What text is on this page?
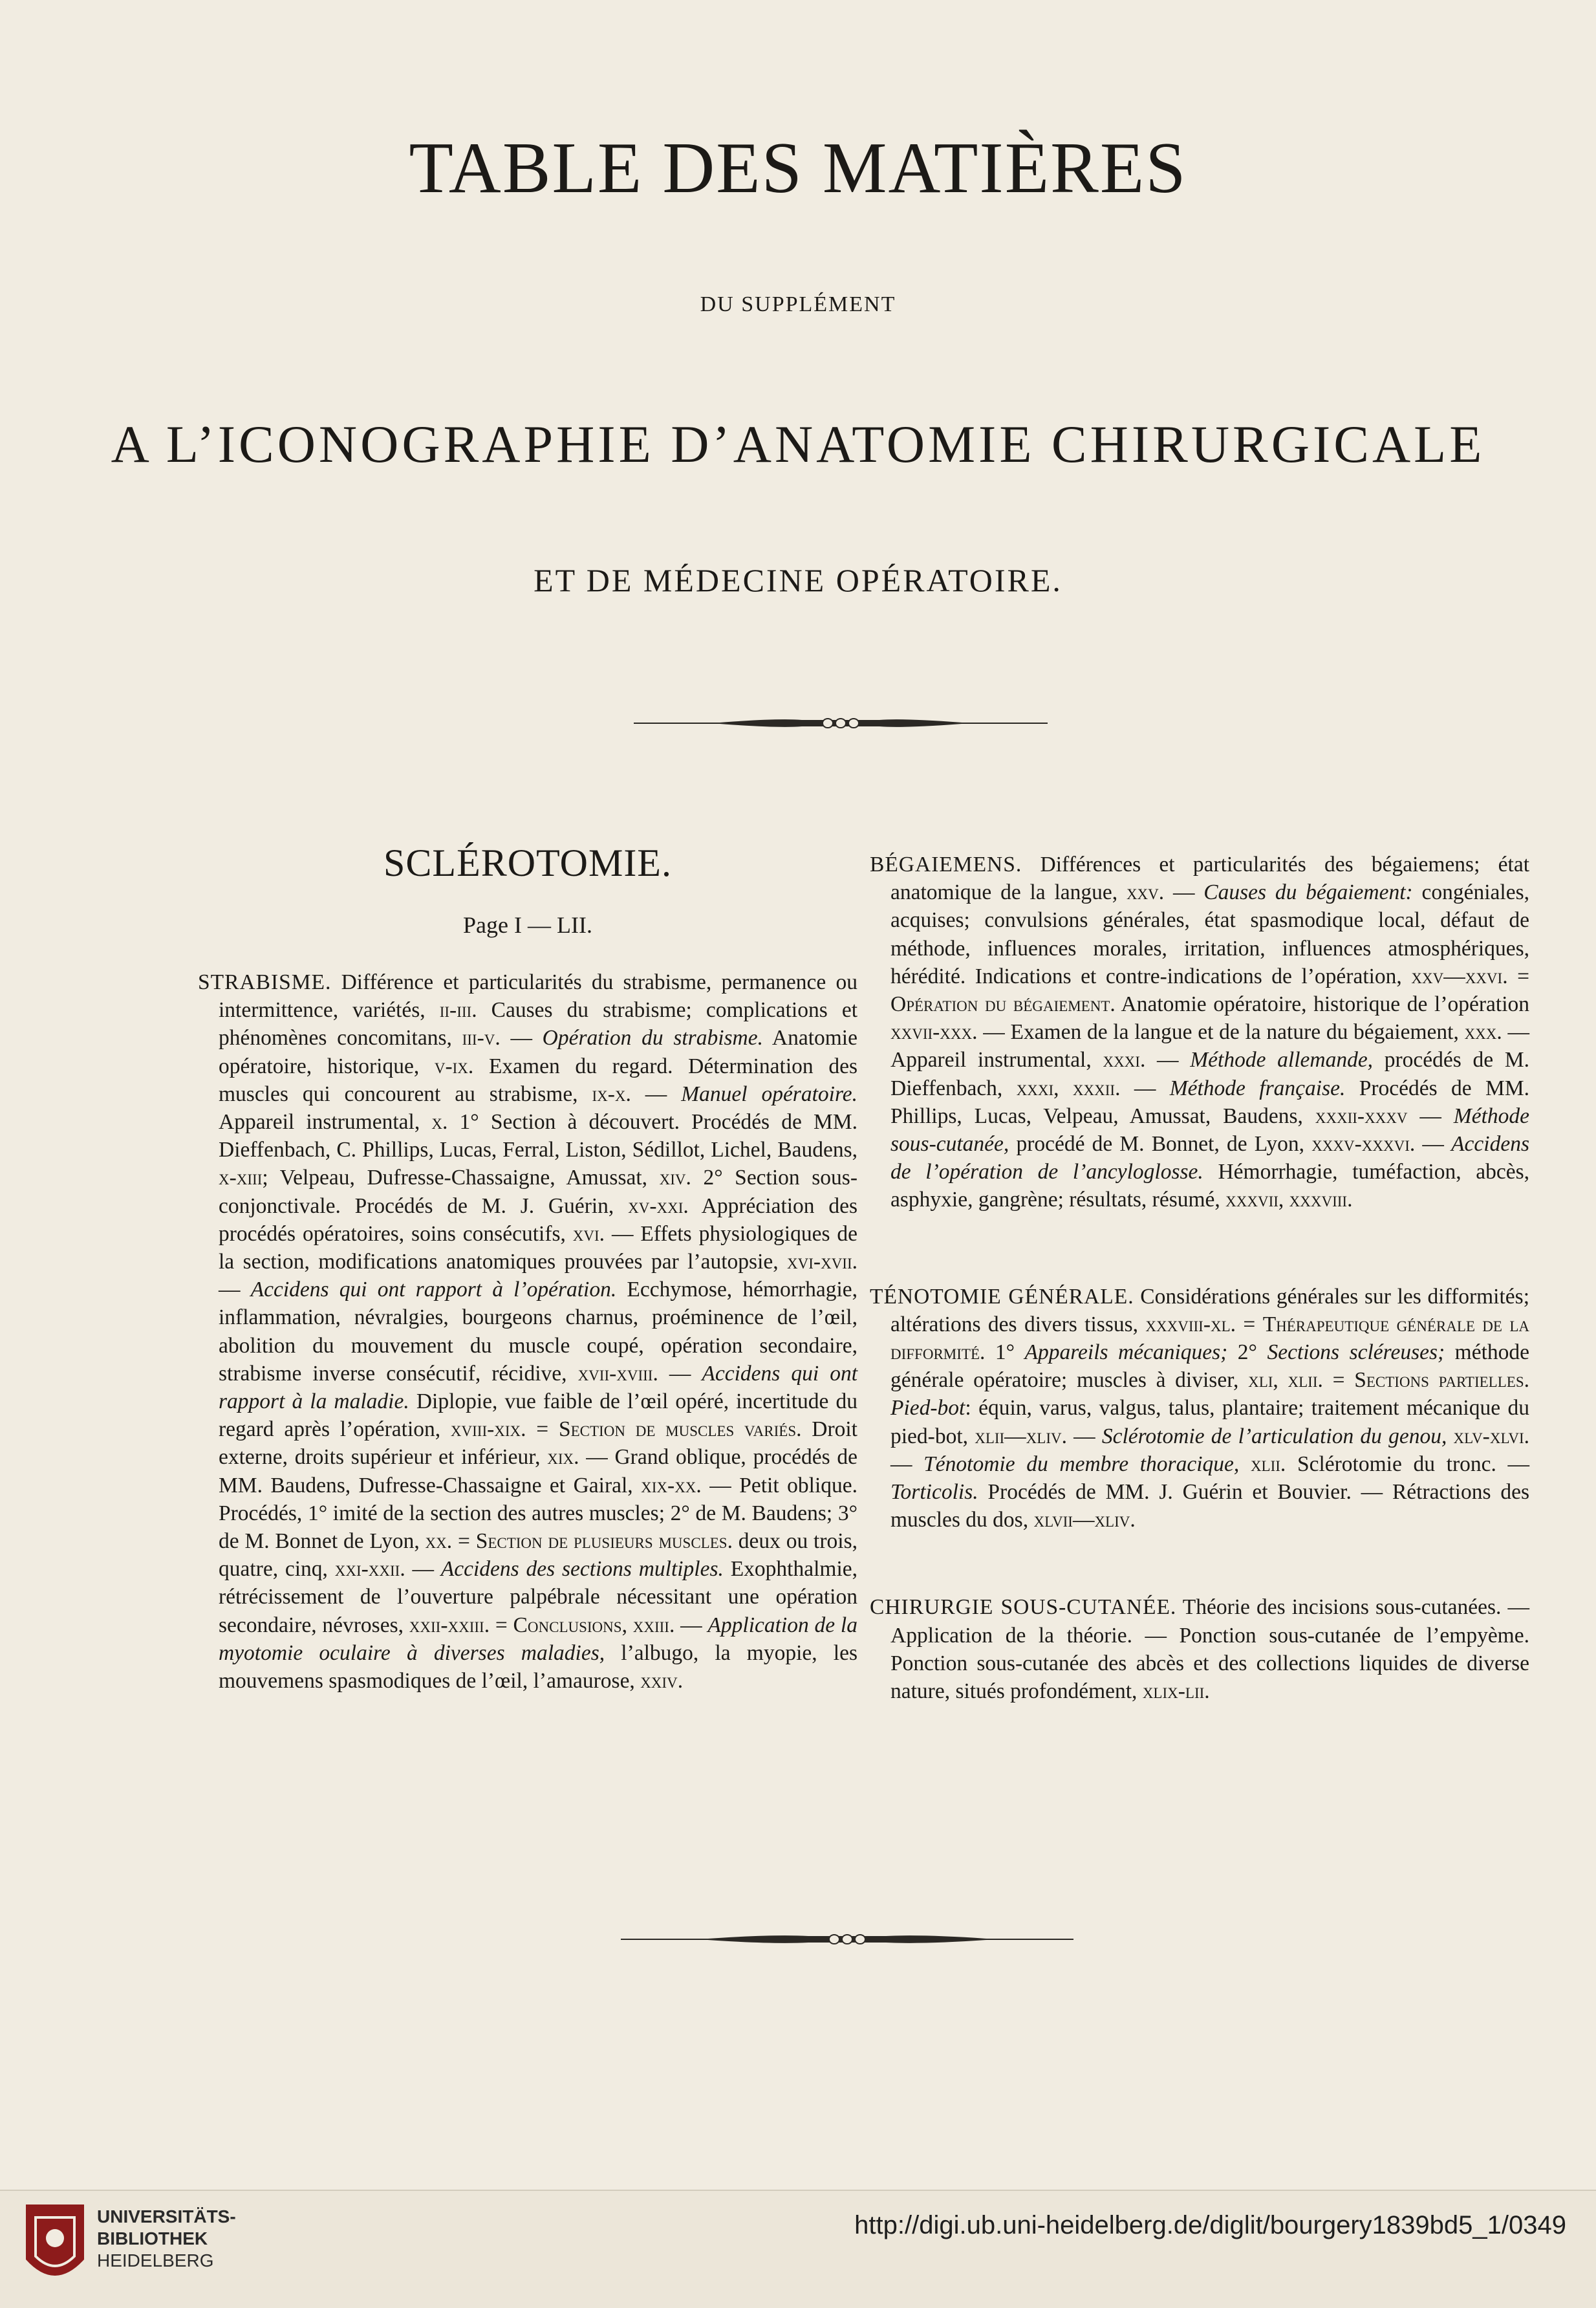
TABLE DES MATIÈRES
DU SUPPLÉMENT
A L’ICONOGRAPHIE D’ANATOMIE CHIRURGICALE
ET DE MÉDECINE OPÉRATOIRE.
SCLÉROTOMIE.
Page I — LII.

STRABISME. Différence et particularités du strabisme, permanence ou intermittence, variétés, ii-iii. Causes du strabisme; complications et phénomènes concomitans, iii-v. — Opération du strabisme. Anatomie opératoire, historique, v-ix. Examen du regard. Détermination des muscles qui concourent au strabisme, ix-x. — Manuel opératoire. Appareil instrumental, x. 1° Section à découvert. Procédés de MM. Dieffenbach, C. Phillips, Lucas, Ferral, Liston, Sédillot, Lichel, Baudens, x-xiii; Velpeau, Dufresse-Chassaigne, Amussat, xiv. 2° Section sous-conjonctivale. Procédés de M. J. Guérin, xv-xxi. Appréciation des procédés opératoires, soins consécutifs, xvi. — Effets physiologiques de la section, modifications anatomiques prouvées par l’autopsie, xvi-xvii. — Accidens qui ont rapport à l’opération. Ecchymose, hémorrhagie, inflammation, névralgies, bourgeons charnus, proéminence de l’œil, abolition du mouvement du muscle coupé, opération secondaire, strabisme inverse consécutif, récidive, xvii-xviii. — Accidens qui ont rapport à la maladie. Diplopie, vue faible de l’œil opéré, incertitude du regard après l’opération, xviii-xix. = Section de muscles variés. Droit externe, droits supérieur et inférieur, xix. — Grand oblique, procédés de MM. Baudens, Dufresse-Chassaigne et Gairal, xix-xx. — Petit oblique. Procédés, 1° imité de la section des autres muscles; 2° de M. Baudens; 3° de M. Bonnet de Lyon, xx. = Section de plusieurs muscles. deux ou trois, quatre, cinq, xxi-xxii. — Accidens des sections multiples. Exophthalmie, rétrécissement de l’ouverture palpébrale nécessitant une opération secondaire, névroses, xxii-xxiii. = Conclusions, xxiii. — Application de la myotomie oculaire à diverses maladies, l’albugo, la myopie, les mouvemens spasmodiques de l’œil, l’amaurose, xxiv.

BÉGAIEMENS. Différences et particularités des bégaiemens; état anatomique de la langue, xxv. — Causes du bégaiement: congéniales, acquises; convulsions générales, état spasmodique local, défaut de méthode, influences morales, irritation, influences atmosphériques, hérédité. Indications et contre-indications de l’opération, xxv—xxvi. = Opération du bégaiement. Anatomie opératoire, historique de l’opération xxvii-xxx. — Examen de la langue et de la nature du bégaiement, xxx. — Appareil instrumental, xxxi. — Méthode allemande, procédés de M. Dieffenbach, xxxi, xxxii. — Méthode française. Procédés de MM. Phillips, Lucas, Velpeau, Amussat, Baudens, xxxii-xxxv — Méthode sous-cutanée, procédé de M. Bonnet, de Lyon, xxxv-xxxvi. — Accidens de l’opération de l’ancyloglosse. Hémorrhagie, tuméfaction, abcès, asphyxie, gangrène; résultats, résumé, xxxvii, xxxviii.

TÉNOTOMIE GÉNÉRALE. Considérations générales sur les difformités; altérations des divers tissus, xxxviii-xl. = Thérapeutique générale de la difformité. 1° Appareils mécaniques; 2° Sections scléreuses; méthode générale opératoire; muscles à diviser, xli, xlii. = Sections partielles. Pied-bot: équin, varus, valgus, talus, plantaire; traitement mécanique du pied-bot, xlii—xliv. — Sclérotomie de l’articulation du genou, xlv-xlvi. — Ténotomie du membre thoracique, xlii. Sclérotomie du tronc. — Torticolis. Procédés de MM. J. Guérin et Bouvier. — Rétractions des muscles du dos, xlvii—xliv.

CHIRURGIE SOUS-CUTANÉE. Théorie des incisions sous-cutanées. — Application de la théorie. — Ponction sous-cutanée de l’empyème. Ponction sous-cutanée des abcès et des collections liquides de diverse nature, situés profondément, xlix-lii.

UNIVERSITÄTS-
BIBLIOTHEK
HEIDELBERG
http://digi.ub.uni-heidelberg.de/diglit/bourgery1839bd5_1/0349
